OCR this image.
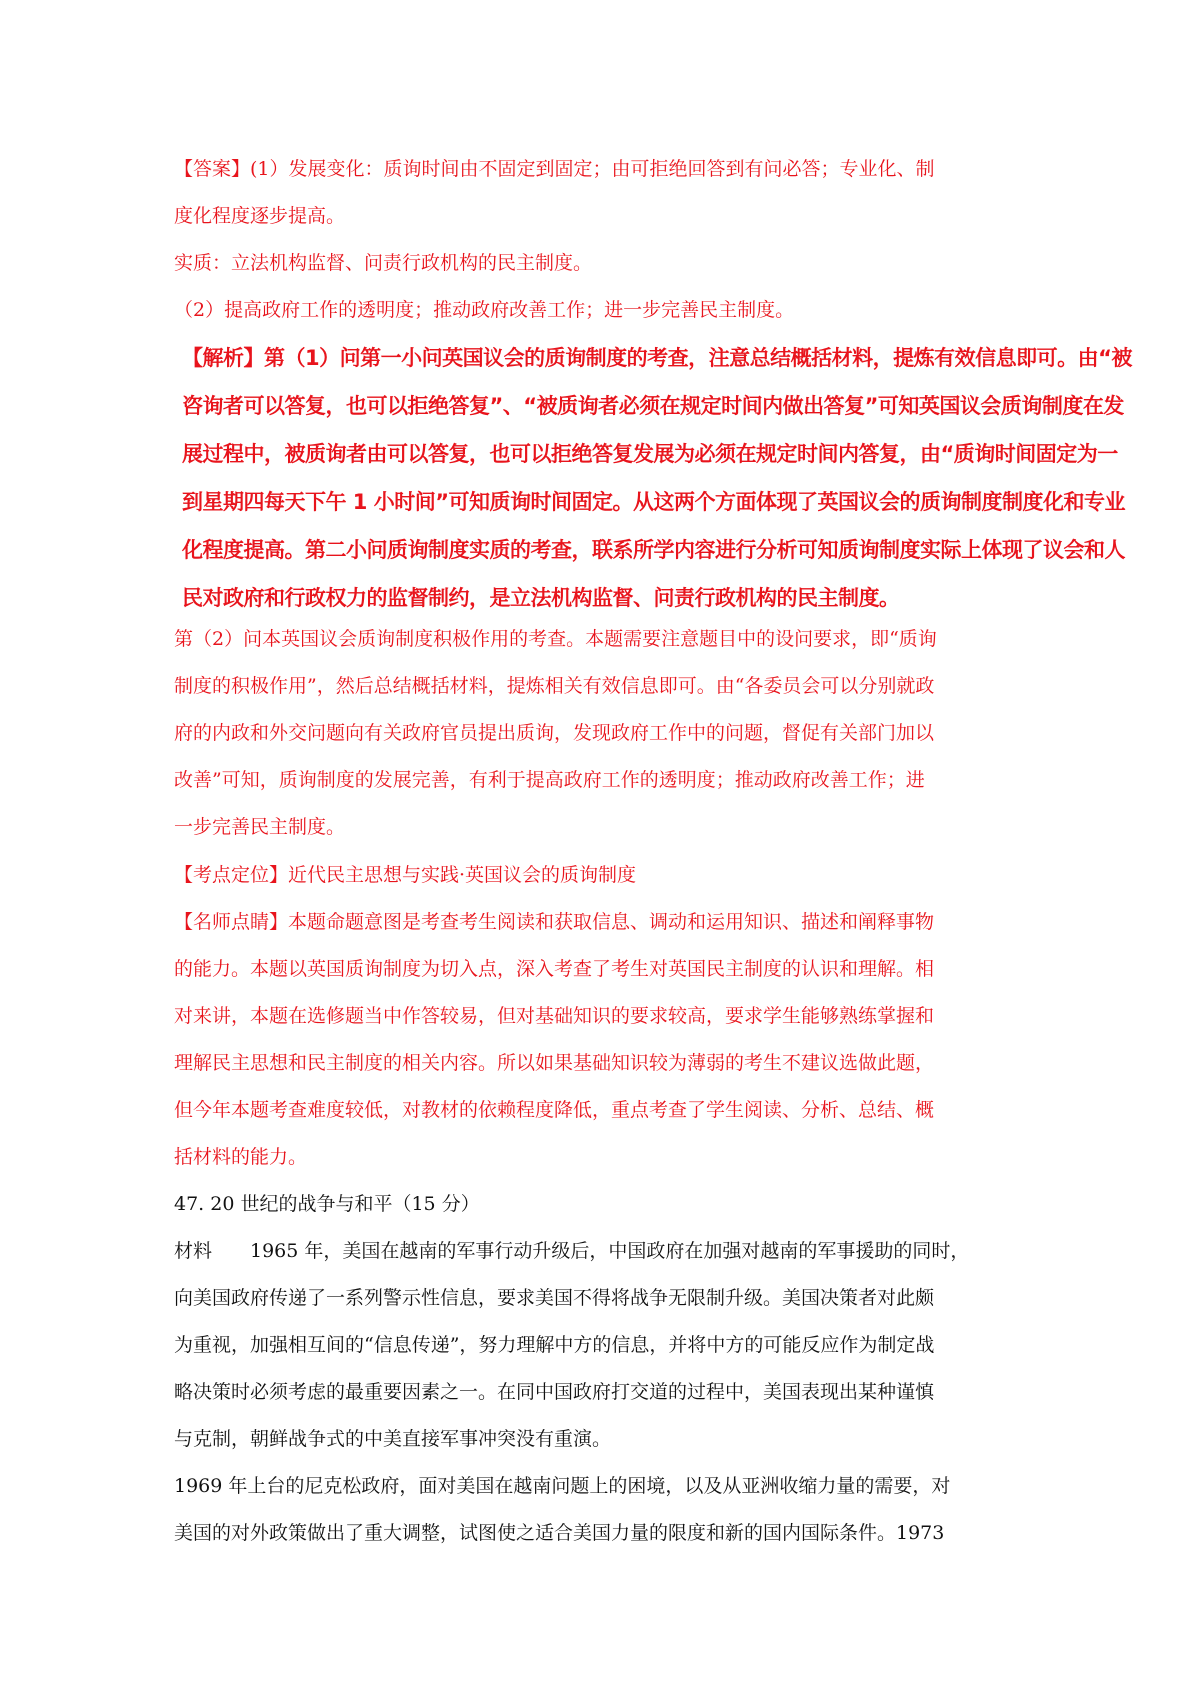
【答案】(1）发展变化：质询时间由不固定到固定；由可拒绝回答到有问必答；专业化、制
度化程度逐步提高。
实质：立法机构监督、问责行政机构的民主制度。
（2）提高政府工作的透明度；推动政府改善工作；进一步完善民主制度。
【解析】第（1）问第一小问英国议会的质询制度的考查，注意总结概括材料，提炼有效信息即可。由“被
咨询者可以答复，也可以拒绝答复”、“被质询者必须在规定时间内做出答复”可知英国议会质询制度在发
展过程中，被质询者由可以答复，也可以拒绝答复发展为必须在规定时间内答复，由“质询时间固定为一
到星期四每天下午 1 小时间”可知质询时间固定。从这两个方面体现了英国议会的质询制度制度化和专业
化程度提高。第二小问质询制度实质的考查，联系所学内容进行分析可知质询制度实际上体现了议会和人
民对政府和行政权力的监督制约，是立法机构监督、问责行政机构的民主制度。
第（2）问本英国议会质询制度积极作用的考查。本题需要注意题目中的设问要求，即“质询
制度的积极作用”，然后总结概括材料，提炼相关有效信息即可。由“各委员会可以分别就政
府的内政和外交问题向有关政府官员提出质询，发现政府工作中的问题，督促有关部门加以
改善”可知，质询制度的发展完善，有利于提高政府工作的透明度；推动政府改善工作；进
一步完善民主制度。
【考点定位】近代民主思想与实践·英国议会的质询制度
【名师点睛】本题命题意图是考查考生阅读和获取信息、调动和运用知识、描述和阐释事物
的能力。本题以英国质询制度为切入点，深入考查了考生对英国民主制度的认识和理解。相
对来讲，本题在选修题当中作答较易，但对基础知识的要求较高，要求学生能够熟练掌握和
理解民主思想和民主制度的相关内容。所以如果基础知识较为薄弱的考生不建议选做此题，
但今年本题考查难度较低，对教材的依赖程度降低，重点考查了学生阅读、分析、总结、概
括材料的能力。
47. 20 世纪的战争与和平（15 分）
材料　　1965 年，美国在越南的军事行动升级后，中国政府在加强对越南的军事援助的同时，
向美国政府传递了一系列警示性信息，要求美国不得将战争无限制升级。美国决策者对此颇
为重视，加强相互间的“信息传递”，努力理解中方的信息，并将中方的可能反应作为制定战
略决策时必须考虑的最重要因素之一。在同中国政府打交道的过程中，美国表现出某种谨慎
与克制，朝鲜战争式的中美直接军事冲突没有重演。
1969 年上台的尼克松政府，面对美国在越南问题上的困境，以及从亚洲收缩力量的需要，对
美国的对外政策做出了重大调整，试图使之适合美国力量的限度和新的国内国际条件。1973
